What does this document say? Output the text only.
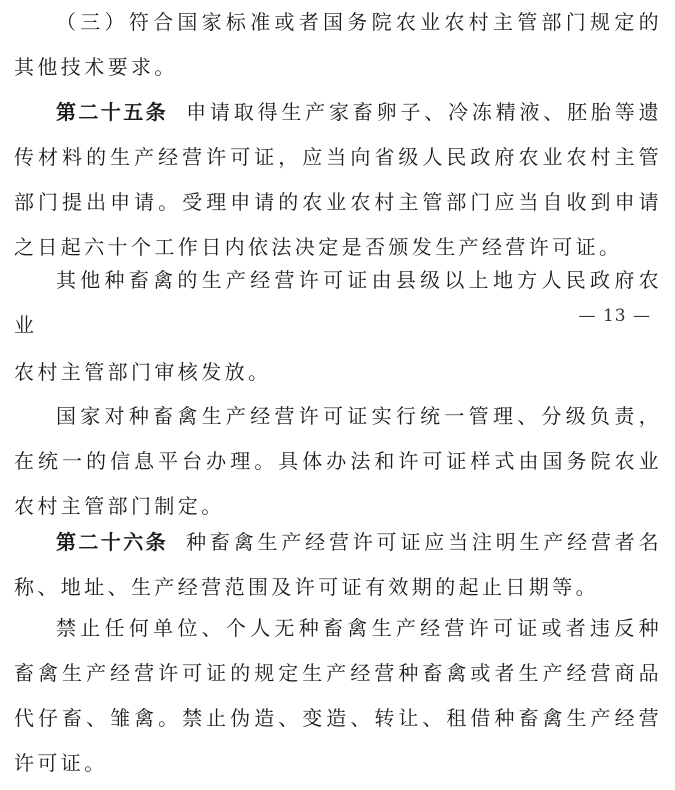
（三）符合国家标准或者国务院农业农村主管部门规定的其他技术要求。

第二十五条 申请取得生产家畜卵子、冷冻精液、胚胎等遗传材料的生产经营许可证，应当向省级人民政府农业农村主管部门提出申请。受理申请的农业农村主管部门应当自收到申请之日起六十个工作日内依法决定是否颁发生产经营许可证。

其他种畜禽的生产经营许可证由县级以上地方人民政府农业	— 13 —

农村主管部门审核发放。

国家对种畜禽生产经营许可证实行统一管理、分级负责，在统一的信息平台办理。具体办法和许可证样式由国务院农业农村主管部门制定。

第二十六条 种畜禽生产经营许可证应当注明生产经营者名称、地址、生产经营范围及许可证有效期的起止日期等。

禁止任何单位、个人无种畜禽生产经营许可证或者违反种畜禽生产经营许可证的规定生产经营种畜禽或者生产经营商品代仔畜、雏禽。禁止伪造、变造、转让、租借种畜禽生产经营许可证。
